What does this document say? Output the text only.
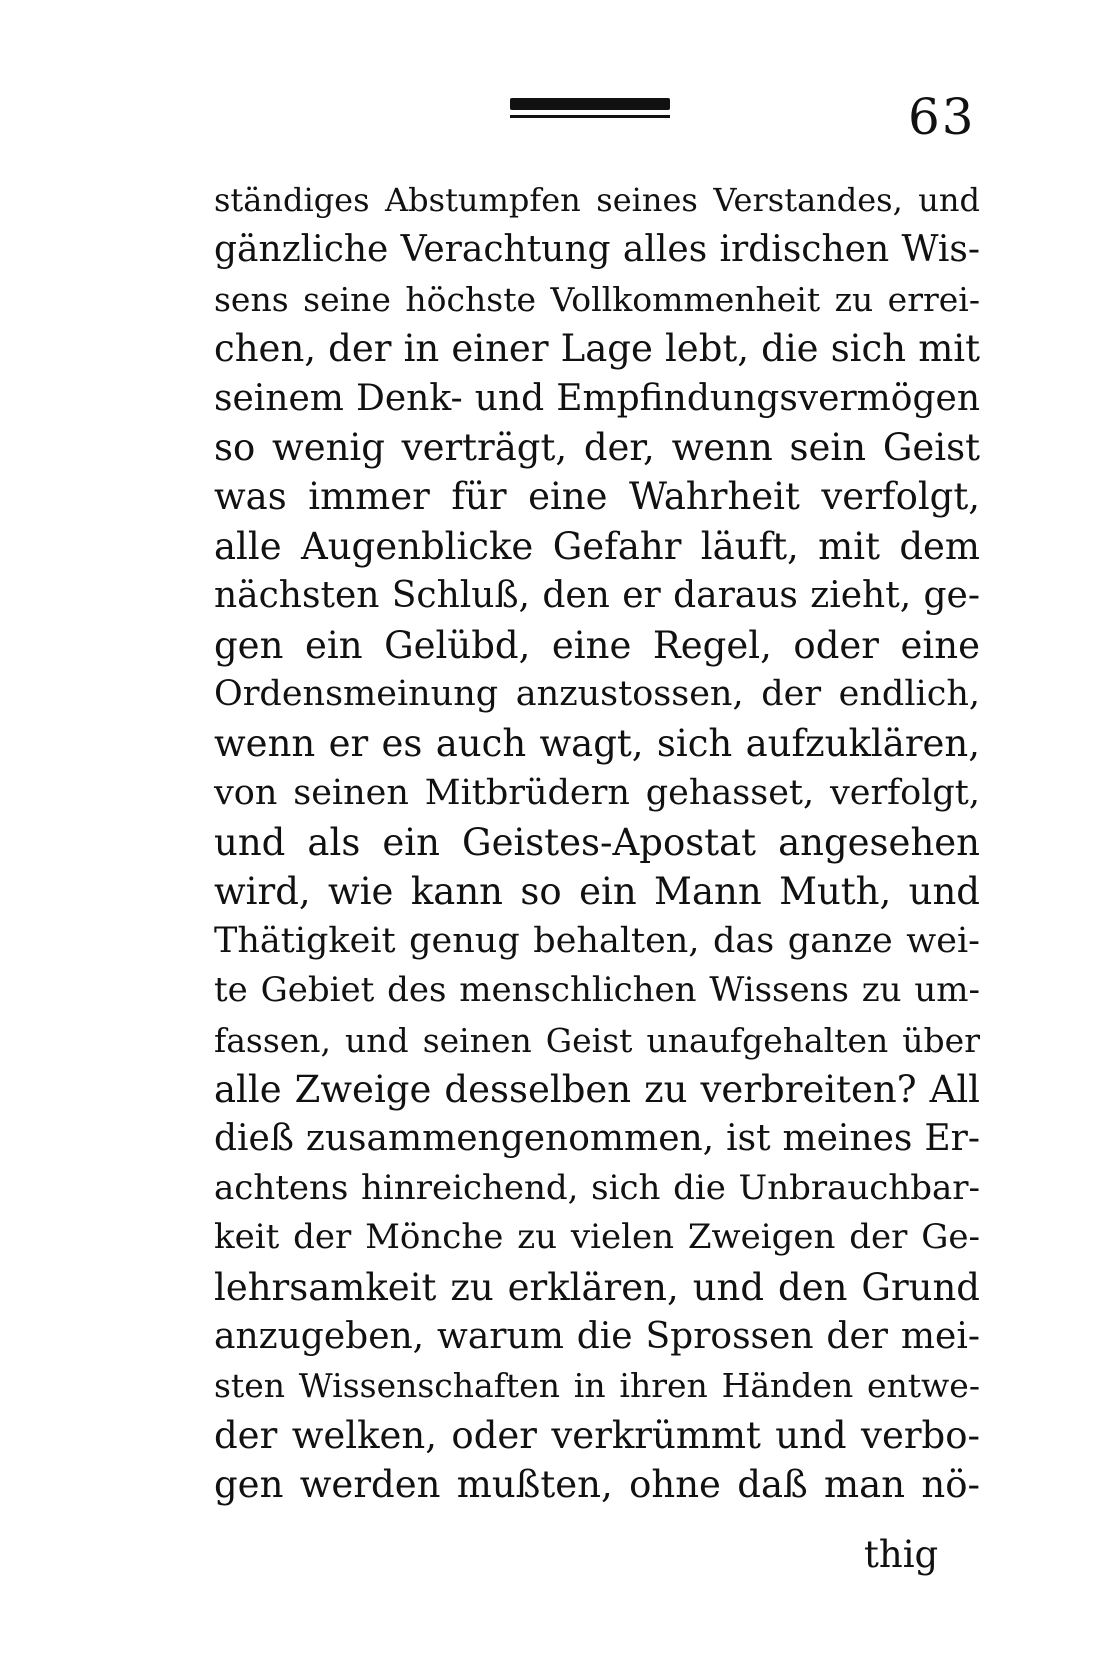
63
ständiges Abstumpfen seines Verstandes, und
gänzliche Verachtung alles irdischen Wis-
sens seine höchste Vollkommenheit zu errei-
chen, der in einer Lage lebt, die sich mit
seinem Denk- und Empfindungsvermögen
so wenig verträgt, der, wenn sein Geist
was immer für eine Wahrheit verfolgt,
alle Augenblicke Gefahr läuft, mit dem
nächsten Schluß, den er daraus zieht, ge-
gen ein Gelübd, eine Regel, oder eine
Ordensmeinung anzustossen, der endlich,
wenn er es auch wagt, sich aufzuklären,
von seinen Mitbrüdern gehasset, verfolgt,
und als ein Geistes-Apostat angesehen
wird, wie kann so ein Mann Muth, und
Thätigkeit genug behalten, das ganze wei-
te Gebiet des menschlichen Wissens zu um-
fassen, und seinen Geist unaufgehalten über
alle Zweige desselben zu verbreiten? All
dieß zusammengenommen, ist meines Er-
achtens hinreichend, sich die Unbrauchbar-
keit der Mönche zu vielen Zweigen der Ge-
lehrsamkeit zu erklären, und den Grund
anzugeben, warum die Sprossen der mei-
sten Wissenschaften in ihren Händen entwe-
der welken, oder verkrümmt und verbo-
gen werden mußten, ohne daß man nö-
thig
